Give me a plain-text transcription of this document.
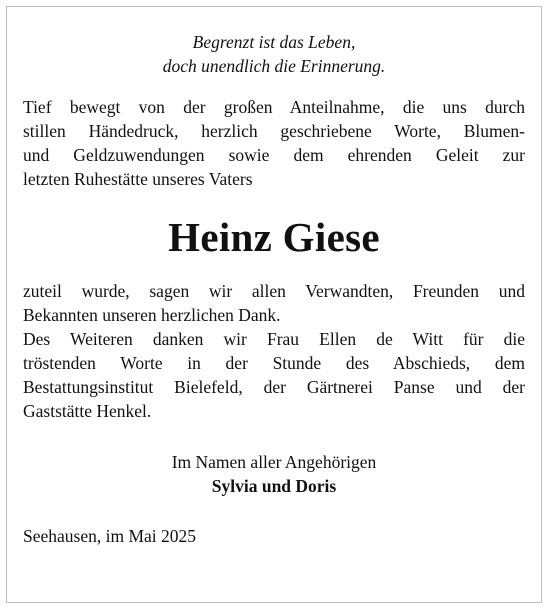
Begrenzt ist das Leben,
doch unendlich die Erinnerung.

Tief bewegt von der großen Anteilnahme, die uns durch
stillen Händedruck, herzlich geschriebene Worte, Blumen-
und Geldzuwendungen sowie dem ehrenden Geleit zur
letzten Ruhestätte unseres Vaters
Heinz Giese
zuteil wurde, sagen wir allen Verwandten, Freunden und
Bekannten unseren herzlichen Dank.
Des Weiteren danken wir Frau Ellen de Witt für die
tröstenden Worte in der Stunde des Abschieds, dem
Bestattungsinstitut Bielefeld, der Gärtnerei Panse und der
Gaststätte Henkel.
Im Namen aller Angehörigen
Sylvia und Doris
Seehausen, im Mai 2025
